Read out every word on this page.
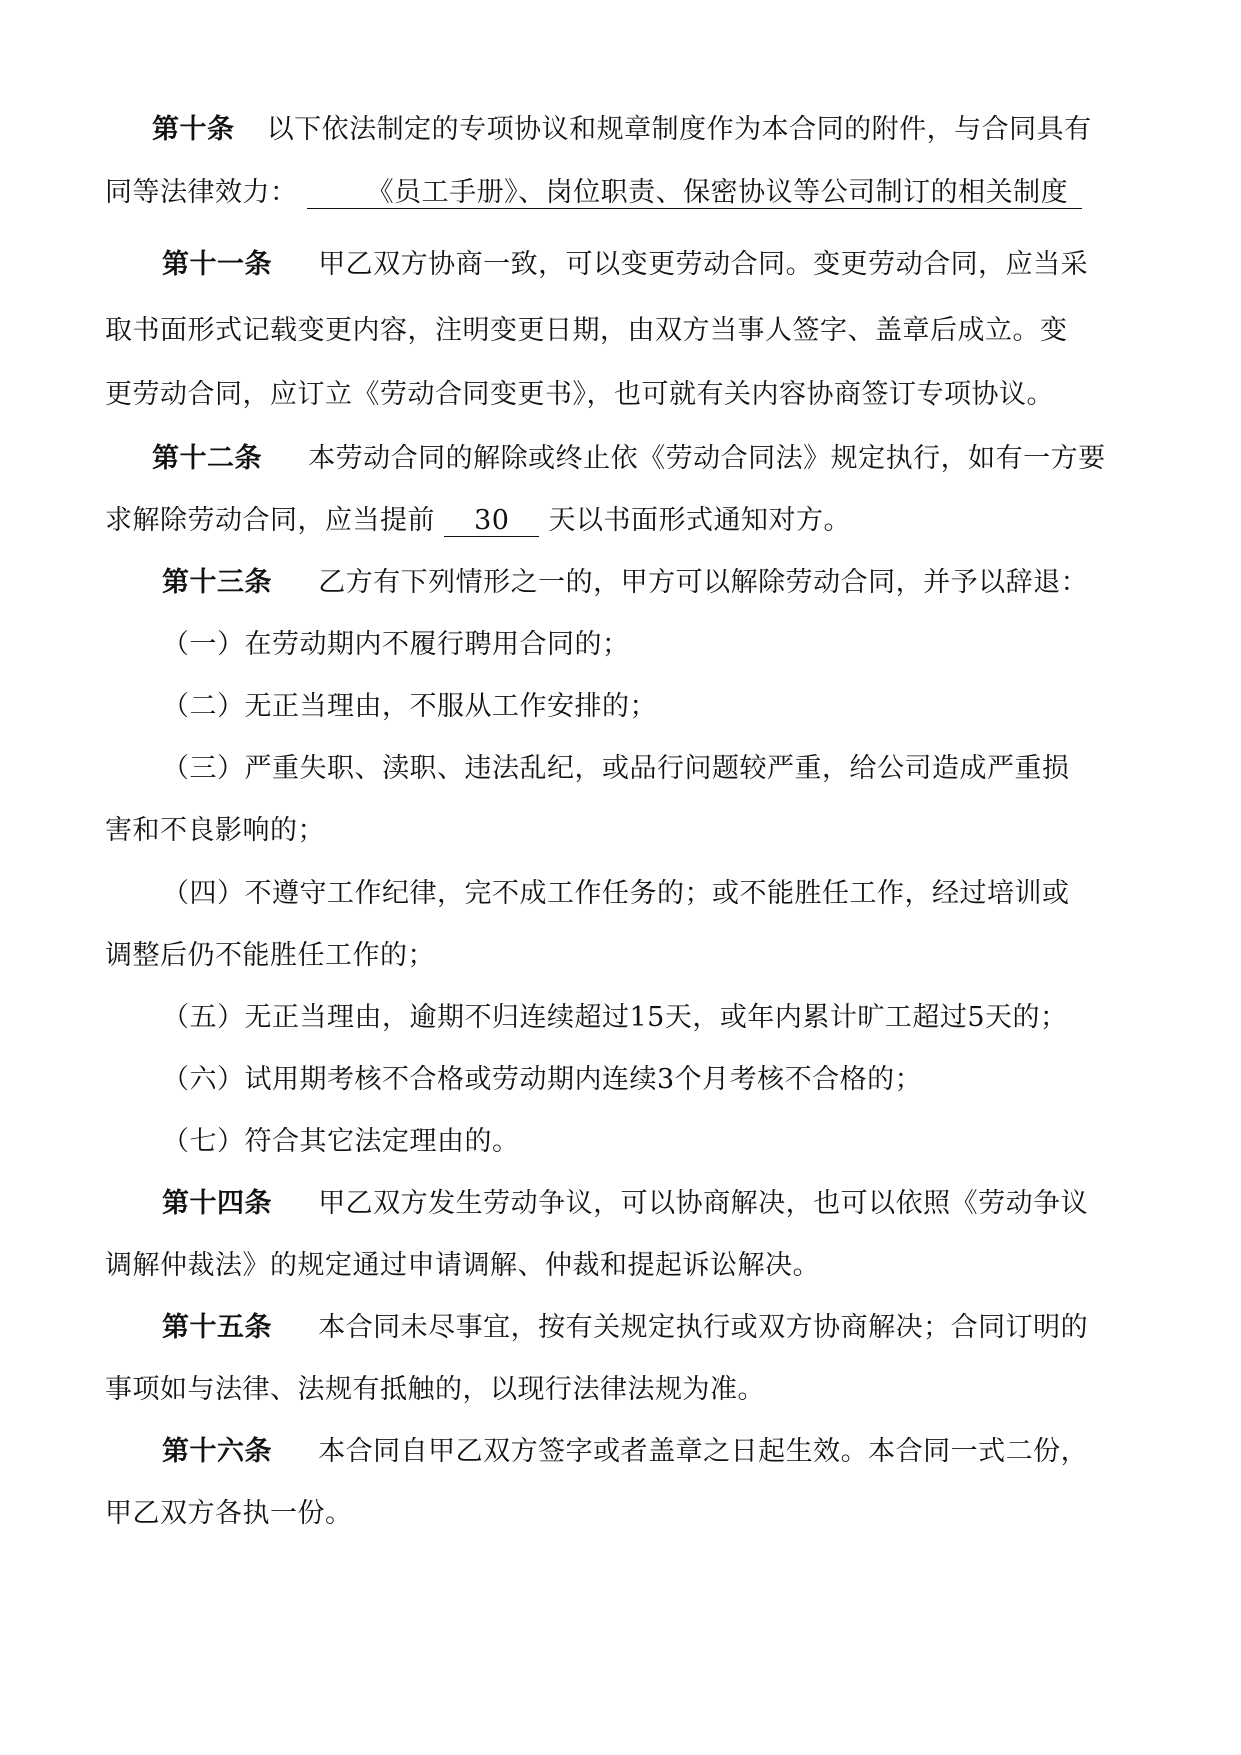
第十条 以下依法制定的专项协议和规章制度作为本合同的附件，与合同具有
同等法律效力：	《员工手册》、岗位职责、保密协议等公司制订的相关制度
第十一条 甲乙双方协商一致，可以变更劳动合同。变更劳动合同，应当采
取书面形式记载变更内容，注明变更日期，由双方当事人签字、盖章后成立。变
更劳动合同，应订立《劳动合同变更书》，也可就有关内容协商签订专项协议。
第十二条 本劳动合同的解除或终止依《劳动合同法》规定执行，如有一方要
求解除劳动合同，应当提前 30 天以书面形式通知对方。
第十三条 乙方有下列情形之一的，甲方可以解除劳动合同，并予以辞退：
（一）在劳动期内不履行聘用合同的；
（二）无正当理由，不服从工作安排的；
（三）严重失职、渎职、违法乱纪，或品行问题较严重，给公司造成严重损
害和不良影响的；
（四）不遵守工作纪律，完不成工作任务的；或不能胜任工作，经过培训或
调整后仍不能胜任工作的；
（五）无正当理由，逾期不归连续超过15天，或年内累计旷工超过5天的；
（六）试用期考核不合格或劳动期内连续3个月考核不合格的；
（七）符合其它法定理由的。
第十四条 甲乙双方发生劳动争议，可以协商解决，也可以依照《劳动争议
调解仲裁法》的规定通过申请调解、仲裁和提起诉讼解决。
第十五条 本合同未尽事宜，按有关规定执行或双方协商解决；合同订明的
事项如与法律、法规有抵触的，以现行法律法规为准。
第十六条 本合同自甲乙双方签字或者盖章之日起生效。本合同一式二份，
甲乙双方各执一份。
